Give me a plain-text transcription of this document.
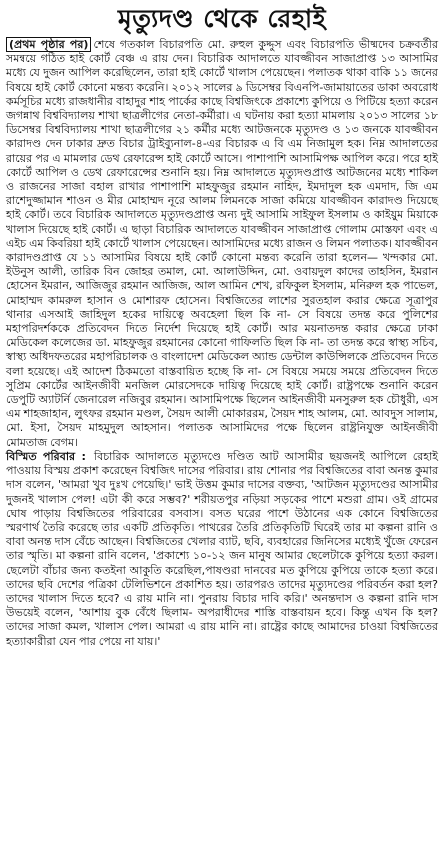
মৃত্যুদণ্ড থেকে রেহাই

(প্রথম পৃষ্ঠার পর) শেষে গতকাল বিচারপতি মো. রুহুল কুদ্দুস এবং বিচারপতি ভীষ্মদেব চক্রবর্তীর সমন্বয়ে গঠিত হাই কোর্ট বেঞ্চ এ রায় দেন। বিচারিক আদালতে যাবজ্জীবন সাজাপ্রাপ্ত ১৩ আসামির মধ্যে যে দুজন আপিল করেছিলেন, তারা হাই কোর্টে খালাস পেয়েছেন। পলাতক থাকা বাকি ১১ জনের বিষয়ে হাই কোর্ট কোনো মন্তব্য করেনি। ২০১২ সালের ৯ ডিসেম্বর বিএনপি-জামায়াতের ডাকা অবরোধ কর্মসূচির মধ্যে রাজধানীর বাহাদুর শাহ পার্কের কাছে বিশ্বজিৎকে প্রকাশ্যে কুপিয়ে ও পিটিয়ে হত্যা করেন জগন্নাথ বিশ্ববিদ্যালয় শাখা ছাত্রলীগের নেতা-কর্মীরা। এ ঘটনায় করা হত্যা মামলায় ২০১৩ সালের ১৮ ডিসেম্বর বিশ্ববিদ্যালয় শাখা ছাত্রলীগের ২১ কর্মীর মধ্যে আটজনকে মৃত্যুদণ্ড ও ১৩ জনকে যাবজ্জীবন কারাদণ্ড দেন ঢাকার দ্রুত বিচার ট্রাইব্যুনাল-৪-এর বিচারক এ বি এম নিজামুল হক। নিম্ন আদালতের রায়ের পর এ মামলার ডেথ রেফারেন্স হাই কোর্টে আসে। পাশাপাশি আসামিপক্ষ আপিল করে। পরে হাই কোর্টে আপিল ও ডেথ রেফারেন্সের শুনানি হয়। নিম্ন আদালতে মৃত্যুদণ্ডপ্রাপ্ত আটজনের মধ্যে শাকিল ও রাজনের সাজা বহাল রাখার পাশাপাশি মাহফুজুর রহমান নাহিদ, ইমদাদুল হক এমদাদ, জি এম রাশেদুজ্জামান শাওন ও মীর মোহাম্মদ নূরে আলম লিমনকে সাজা কমিয়ে যাবজ্জীবন কারাদণ্ড দিয়েছে হাই কোর্ট। তবে বিচারিক আদালতে মৃত্যুদণ্ডপ্রাপ্ত অন্য দুই আসামি সাইফুল ইসলাম ও কাইয়ুম মিয়াকে খালাস দিয়েছে হাই কোর্ট। এ ছাড়া বিচারিক আদালতে যাবজ্জীবন সাজাপ্রাপ্ত গোলাম মোস্তফা এবং এ এইচ এম কিবরিয়া হাই কোর্টে খালাস পেয়েছেন। আসামিদের মধ্যে রাজন ও লিমন পলাতক। যাবজ্জীবন কারাদণ্ডপ্রাপ্ত যে ১১ আসামির বিষয়ে হাই কোর্ট কোনো মন্তব্য করেনি তারা হলেন— খন্দকার মো. ইউনুস আলী, তারিক বিন জোহর তমাল, মো. আলাউদ্দিন, মো. ওবায়দুল কাদের তাহসিন, ইমরান হোসেন ইমরান, আজিজুর রহমান আজিজ, আল আমিন শেখ, রফিকুল ইসলাম, মনিরুল হক পাভেল, মোহাম্মদ কামরুল হাসান ও মোশারফ হোসেন। বিশ্বজিতের লাশের সুরতহাল করার ক্ষেত্রে সূত্রাপুর থানার এসআই জাহিদুল হকের দায়িত্বে অবহেলা ছিল কি না- সে বিষয়ে তদন্ত করে পুলিশের মহাপরিদর্শককে প্রতিবেদন দিতে নির্দেশ দিয়েছে হাই কোর্ট। আর ময়নাতদন্ত করার ক্ষেত্রে ঢাকা মেডিকেল কলেজের ডা. মাহফুজুর রহমানের কোনো গাফিলতি ছিল কি না- তা তদন্ত করে স্বাস্থ্য সচিব, স্বাস্থ্য অধিদফতরের মহাপরিচালক ও বাংলাদেশ মেডিকেল অ্যান্ড ডেন্টাল কাউন্সিলকে প্রতিবেদন দিতে বলা হয়েছে। এই আদেশ ঠিকমতো বাস্তবায়িত হচ্ছে কি না- সে বিষয়ে সময়ে সময়ে প্রতিবেদন দিতে সুপ্রিম কোর্টের আইনজীবী মনজিল মোরসেদকে দায়িত্ব দিয়েছে হাই কোর্ট। রাষ্ট্রপক্ষে শুনানি করেন ডেপুটি অ্যাটর্নি জেনারেল নজিবুর রহমান। আসামিপক্ষে ছিলেন আইনজীবী মনসুরুল হক চৌধুরী, এস এম শাহজাহান, লুৎফর রহমান মণ্ডল, সৈয়দ আলী মোকাররম, সৈয়দ শাহ আলম, মো. আবদুস সালাম, মো. ইসা, সৈয়দ মাহমুদুল আহসান। পলাতক আসামিদের পক্ষে ছিলেন রাষ্ট্রনিযুক্ত আইনজীবী মোমতাজ বেগম।

বিস্মিত পরিবার : বিচারিক আদালতে মৃত্যুদণ্ডে দণ্ডিত আট আসামীর ছয়জনই আপিলে রেহাই পাওয়ায় বিস্ময় প্রকাশ করেছেন বিশ্বজিৎ দাসের পরিবার। রায় শোনার পর বিশ্বজিতের বাবা অনন্ত কুমার দাস বলেন, 'আমরা খুব দুঃখ পেয়েছি।' ভাই উত্তম কুমার দাসের বক্তব্য, 'আটজন মৃত্যুদণ্ডের আসামীর দুজনই খালাস পেল! এটা কী করে সম্ভব?' শরীয়তপুর নড়িয়া সড়কের পাশে মশুরা গ্রাম। ওই গ্রামের ঘোষ পাড়ায় বিশ্বজিতের পরিবারের বসবাস। বসত ঘরের পাশে উঠানের এক কোনে বিশ্বজিতের স্মরণার্থ তৈরি করেছে তার একটি প্রতিকৃতি। পাথরের তৈরি প্রতিকৃতিটি ঘিরেই তার মা কল্পনা রানি ও বাবা অনন্ত দাস বেঁচে আছেন। বিশ্বজিতের খেলার ব্যাট, ছবি, ব্যবহারের জিনিসের মধ্যেই খুঁজে ফেরেন তার স্মৃতি। মা কল্পনা রানি বলেন, 'প্রকাশ্যে ১০-১২ জন মানুষ আমার ছেলেটাকে কুপিয়ে হত্যা করল। ছেলেটা বাঁচার জন্য কতইনা আকুতি করেছিল,পাষণ্ডরা দানবের মত কুপিয়ে কুপিয়ে তাকে হত্যা করে। তাদের ছবি দেশের পত্রিকা টেলিভিশনে প্রকাশিত হয়। তারপরও তাদের মৃত্যুদণ্ডের পরিবর্তন করা হল? তাদের খালাস দিতে হবে? এ রায় মানি না। পুনরায় বিচার দাবি করি।' অনন্তদাস ও কল্পনা রানি দাস উভয়েই বলেন, 'আশায় বুক বেঁধে ছিলাম- অপরাধীদের শাস্তি বাস্তবায়ন হবে। কিন্তু এখন কি হল? তাদের সাজা কমল, খালাস পেল। আমরা এ রায় মানি না। রাষ্ট্রের কাছে আমাদের চাওয়া বিশ্বজিতের হত্যাকারীরা যেন পার পেয়ে না যায়।'
